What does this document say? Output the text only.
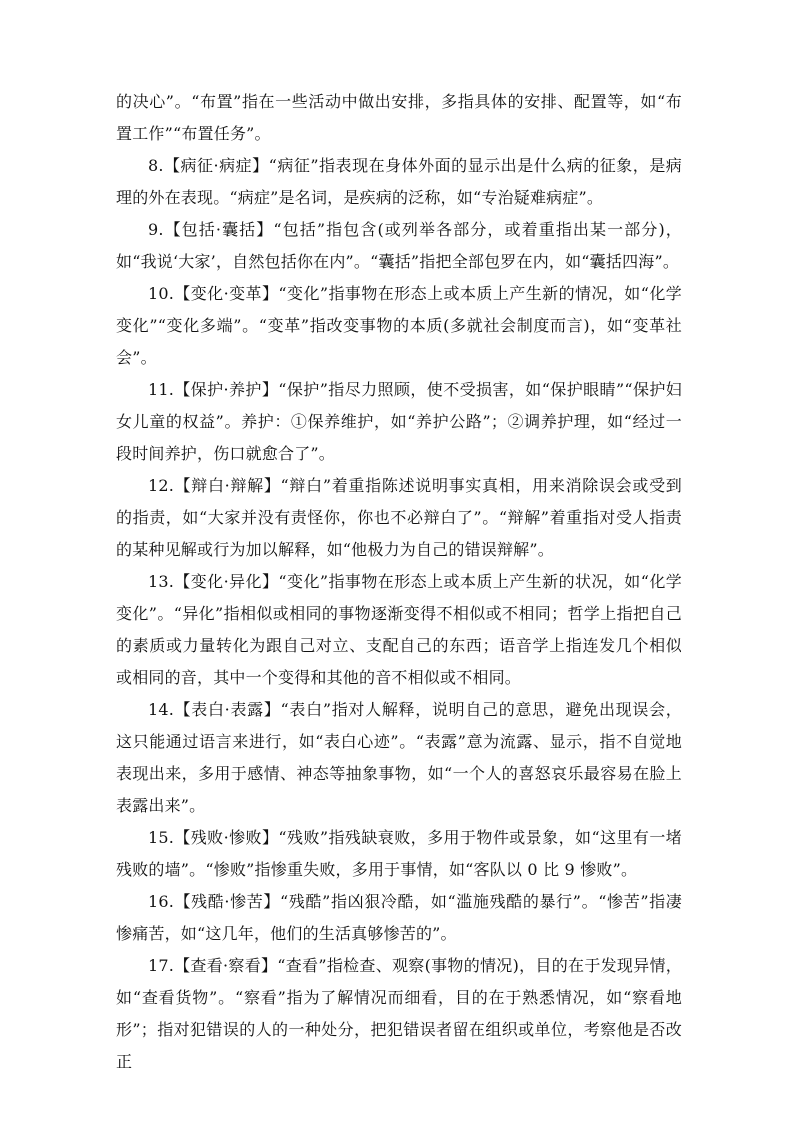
的决心”。“布置”指在一些活动中做出安排，多指具体的安排、配置等，如“布置工作”“布置任务”。

8.【病征·病症】“病征”指表现在身体外面的显示出是什么病的征象，是病理的外在表现。“病症”是名词，是疾病的泛称，如“专治疑难病症”。

9.【包括·囊括】“包括”指包含(或列举各部分，或着重指出某一部分)，如“我说‘大家’，自然包括你在内”。“囊括”指把全部包罗在内，如“囊括四海”。

10.【变化·变革】“变化”指事物在形态上或本质上产生新的情况，如“化学变化”“变化多端”。“变革”指改变事物的本质(多就社会制度而言)，如“变革社会”。

11.【保护·养护】“保护”指尽力照顾，使不受损害，如“保护眼睛”“保护妇女儿童的权益”。养护：①保养维护，如“养护公路”；②调养护理，如“经过一段时间养护，伤口就愈合了”。

12.【辩白·辩解】“辩白”着重指陈述说明事实真相，用来消除误会或受到的指责，如“大家并没有责怪你，你也不必辩白了”。“辩解”着重指对受人指责的某种见解或行为加以解释，如“他极力为自己的错误辩解”。

13.【变化·异化】“变化”指事物在形态上或本质上产生新的状况，如“化学变化”。“异化”指相似或相同的事物逐渐变得不相似或不相同；哲学上指把自己的素质或力量转化为跟自己对立、支配自己的东西；语音学上指连发几个相似或相同的音，其中一个变得和其他的音不相似或不相同。

14.【表白·表露】“表白”指对人解释，说明自己的意思，避免出现误会，这只能通过语言来进行，如“表白心迹”。“表露”意为流露、显示，指不自觉地表现出来，多用于感情、神态等抽象事物，如“一个人的喜怒哀乐最容易在脸上表露出来”。

15.【残败·惨败】“残败”指残缺衰败，多用于物件或景象，如“这里有一堵残败的墙”。“惨败”指惨重失败，多用于事情，如“客队以 0 比 9 惨败”。

16.【残酷·惨苦】“残酷”指凶狠冷酷，如“滥施残酷的暴行”。“惨苦”指凄惨痛苦，如“这几年，他们的生活真够惨苦的”。

17.【查看·察看】“查看”指检查、观察(事物的情况)，目的在于发现异情，如“查看货物”。“察看”指为了解情况而细看，目的在于熟悉情况，如“察看地形”；指对犯错误的人的一种处分，把犯错误者留在组织或单位，考察他是否改正
